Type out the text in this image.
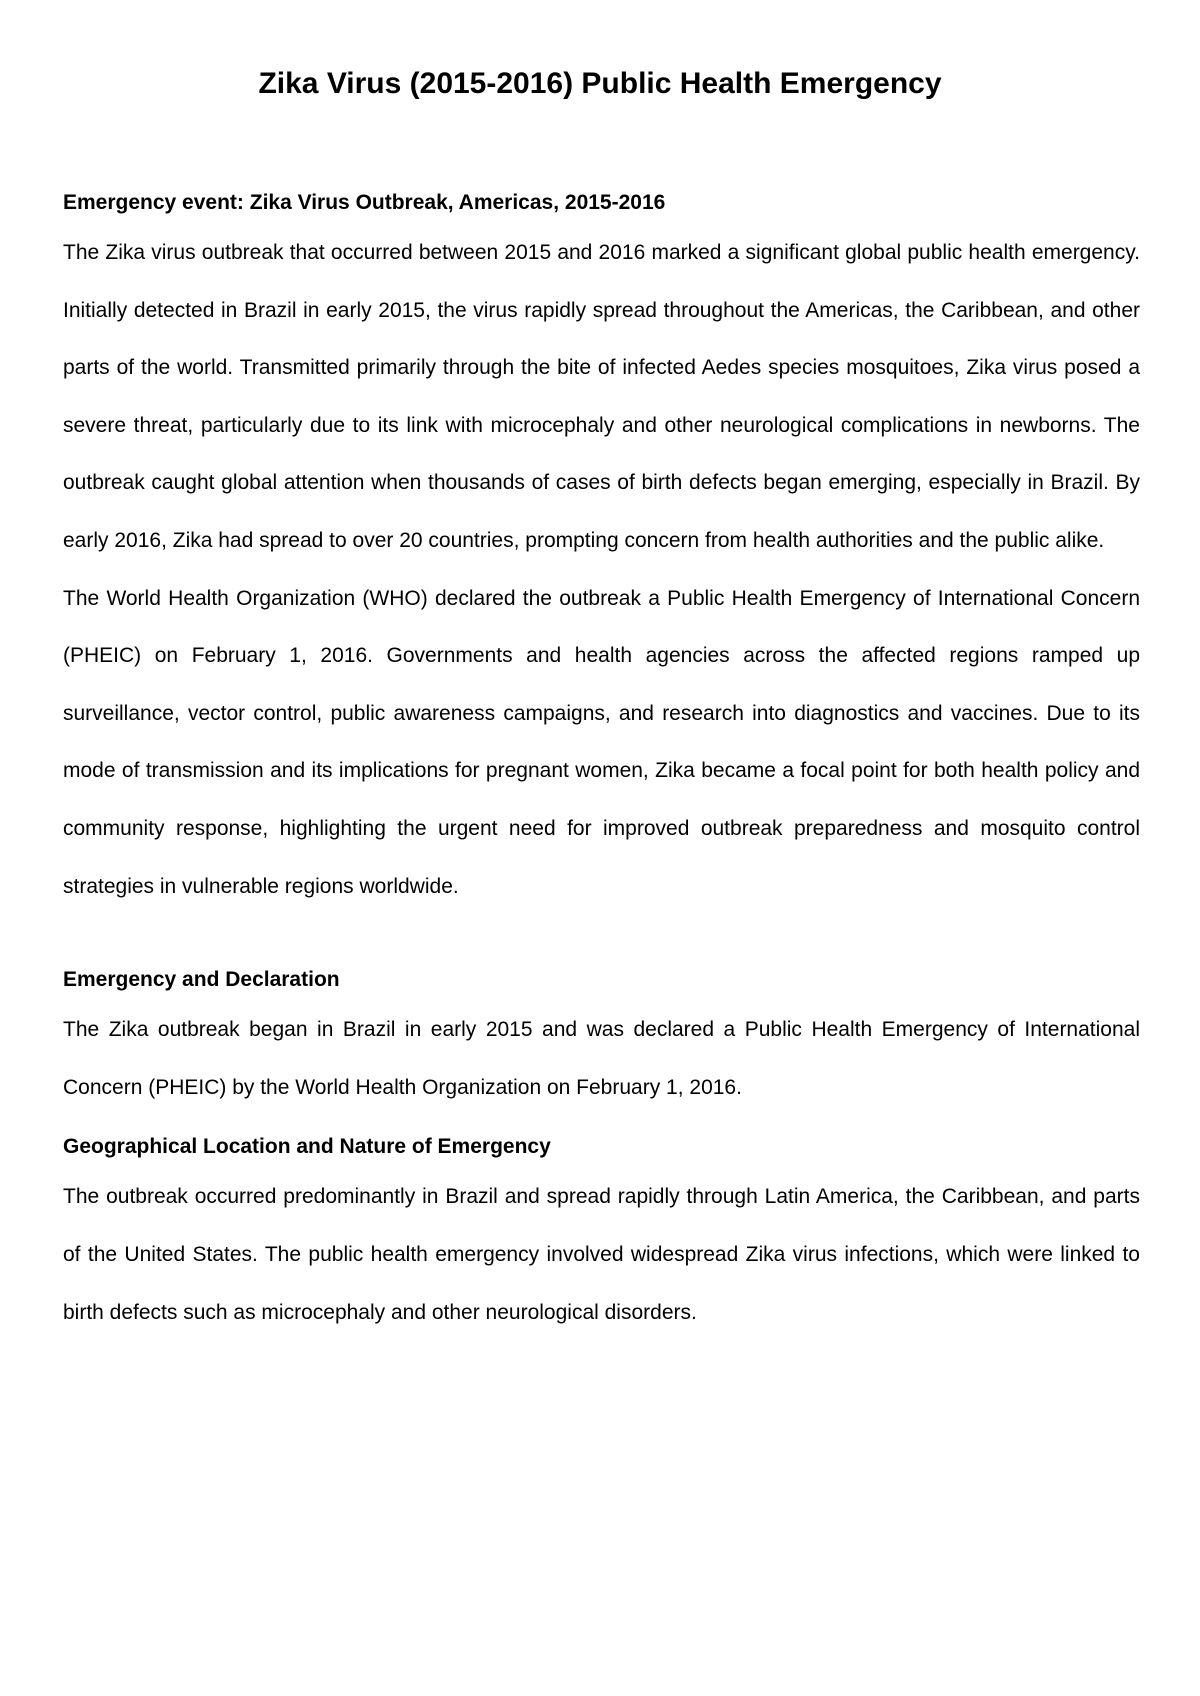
Zika Virus (2015-2016) Public Health Emergency
Emergency event: Zika Virus Outbreak, Americas, 2015-2016

The Zika virus outbreak that occurred between 2015 and 2016 marked a significant global public health emergency. Initially detected in Brazil in early 2015, the virus rapidly spread throughout the Americas, the Caribbean, and other parts of the world. Transmitted primarily through the bite of infected Aedes species mosquitoes, Zika virus posed a severe threat, particularly due to its link with microcephaly and other neurological complications in newborns. The outbreak caught global attention when thousands of cases of birth defects began emerging, especially in Brazil. By early 2016, Zika had spread to over 20 countries, prompting concern from health authorities and the public alike.

The World Health Organization (WHO) declared the outbreak a Public Health Emergency of International Concern (PHEIC) on February 1, 2016. Governments and health agencies across the affected regions ramped up surveillance, vector control, public awareness campaigns, and research into diagnostics and vaccines. Due to its mode of transmission and its implications for pregnant women, Zika became a focal point for both health policy and community response, highlighting the urgent need for improved outbreak preparedness and mosquito control strategies in vulnerable regions worldwide.

Emergency and Declaration

The Zika outbreak began in Brazil in early 2015 and was declared a Public Health Emergency of International Concern (PHEIC) by the World Health Organization on February 1, 2016.

Geographical Location and Nature of Emergency

The outbreak occurred predominantly in Brazil and spread rapidly through Latin America, the Caribbean, and parts of the United States. The public health emergency involved widespread Zika virus infections, which were linked to birth defects such as microcephaly and other neurological disorders.
